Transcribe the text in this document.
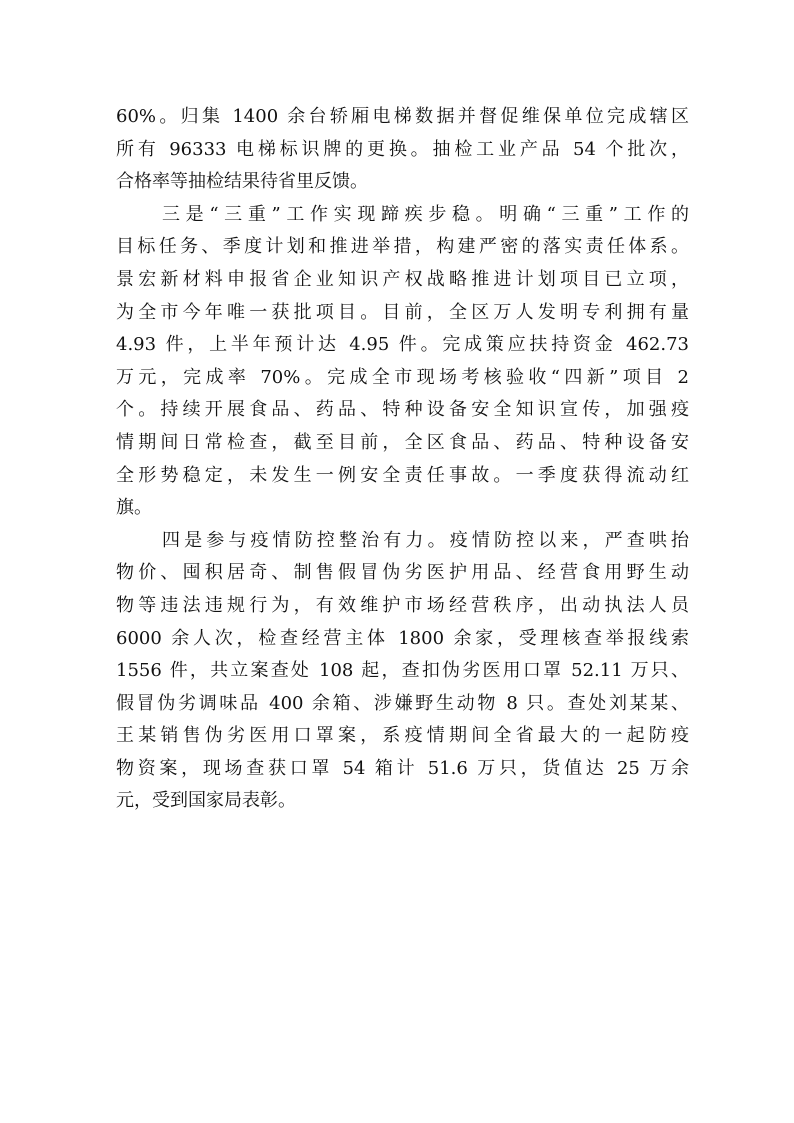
60%。归集 1400 余台轿厢电梯数据并督促维保单位完成辖区
所有 96333 电梯标识牌的更换。抽检工业产品 54 个批次，
合格率等抽检结果待省里反馈。
三是“三重”工作实现蹄疾步稳。明确“三重”工作的
目标任务、季度计划和推进举措，构建严密的落实责任体系。
景宏新材料申报省企业知识产权战略推进计划项目已立项，
为全市今年唯一获批项目。目前，全区万人发明专利拥有量
4.93 件，上半年预计达 4.95 件。完成策应扶持资金 462.73
万元，完成率 70%。完成全市现场考核验收“四新”项目 2
个。持续开展食品、药品、特种设备安全知识宣传，加强疫
情期间日常检查，截至目前，全区食品、药品、特种设备安
全形势稳定，未发生一例安全责任事故。一季度获得流动红
旗。
四是参与疫情防控整治有力。疫情防控以来，严查哄抬
物价、囤积居奇、制售假冒伪劣医护用品、经营食用野生动
物等违法违规行为，有效维护市场经营秩序，出动执法人员
6000 余人次，检查经营主体 1800 余家，受理核查举报线索
1556 件，共立案查处 108 起，查扣伪劣医用口罩 52.11 万只、
假冒伪劣调味品 400 余箱、涉嫌野生动物 8 只。查处刘某某、
王某销售伪劣医用口罩案，系疫情期间全省最大的一起防疫
物资案，现场查获口罩 54 箱计 51.6 万只，货值达 25 万余
元，受到国家局表彰。
